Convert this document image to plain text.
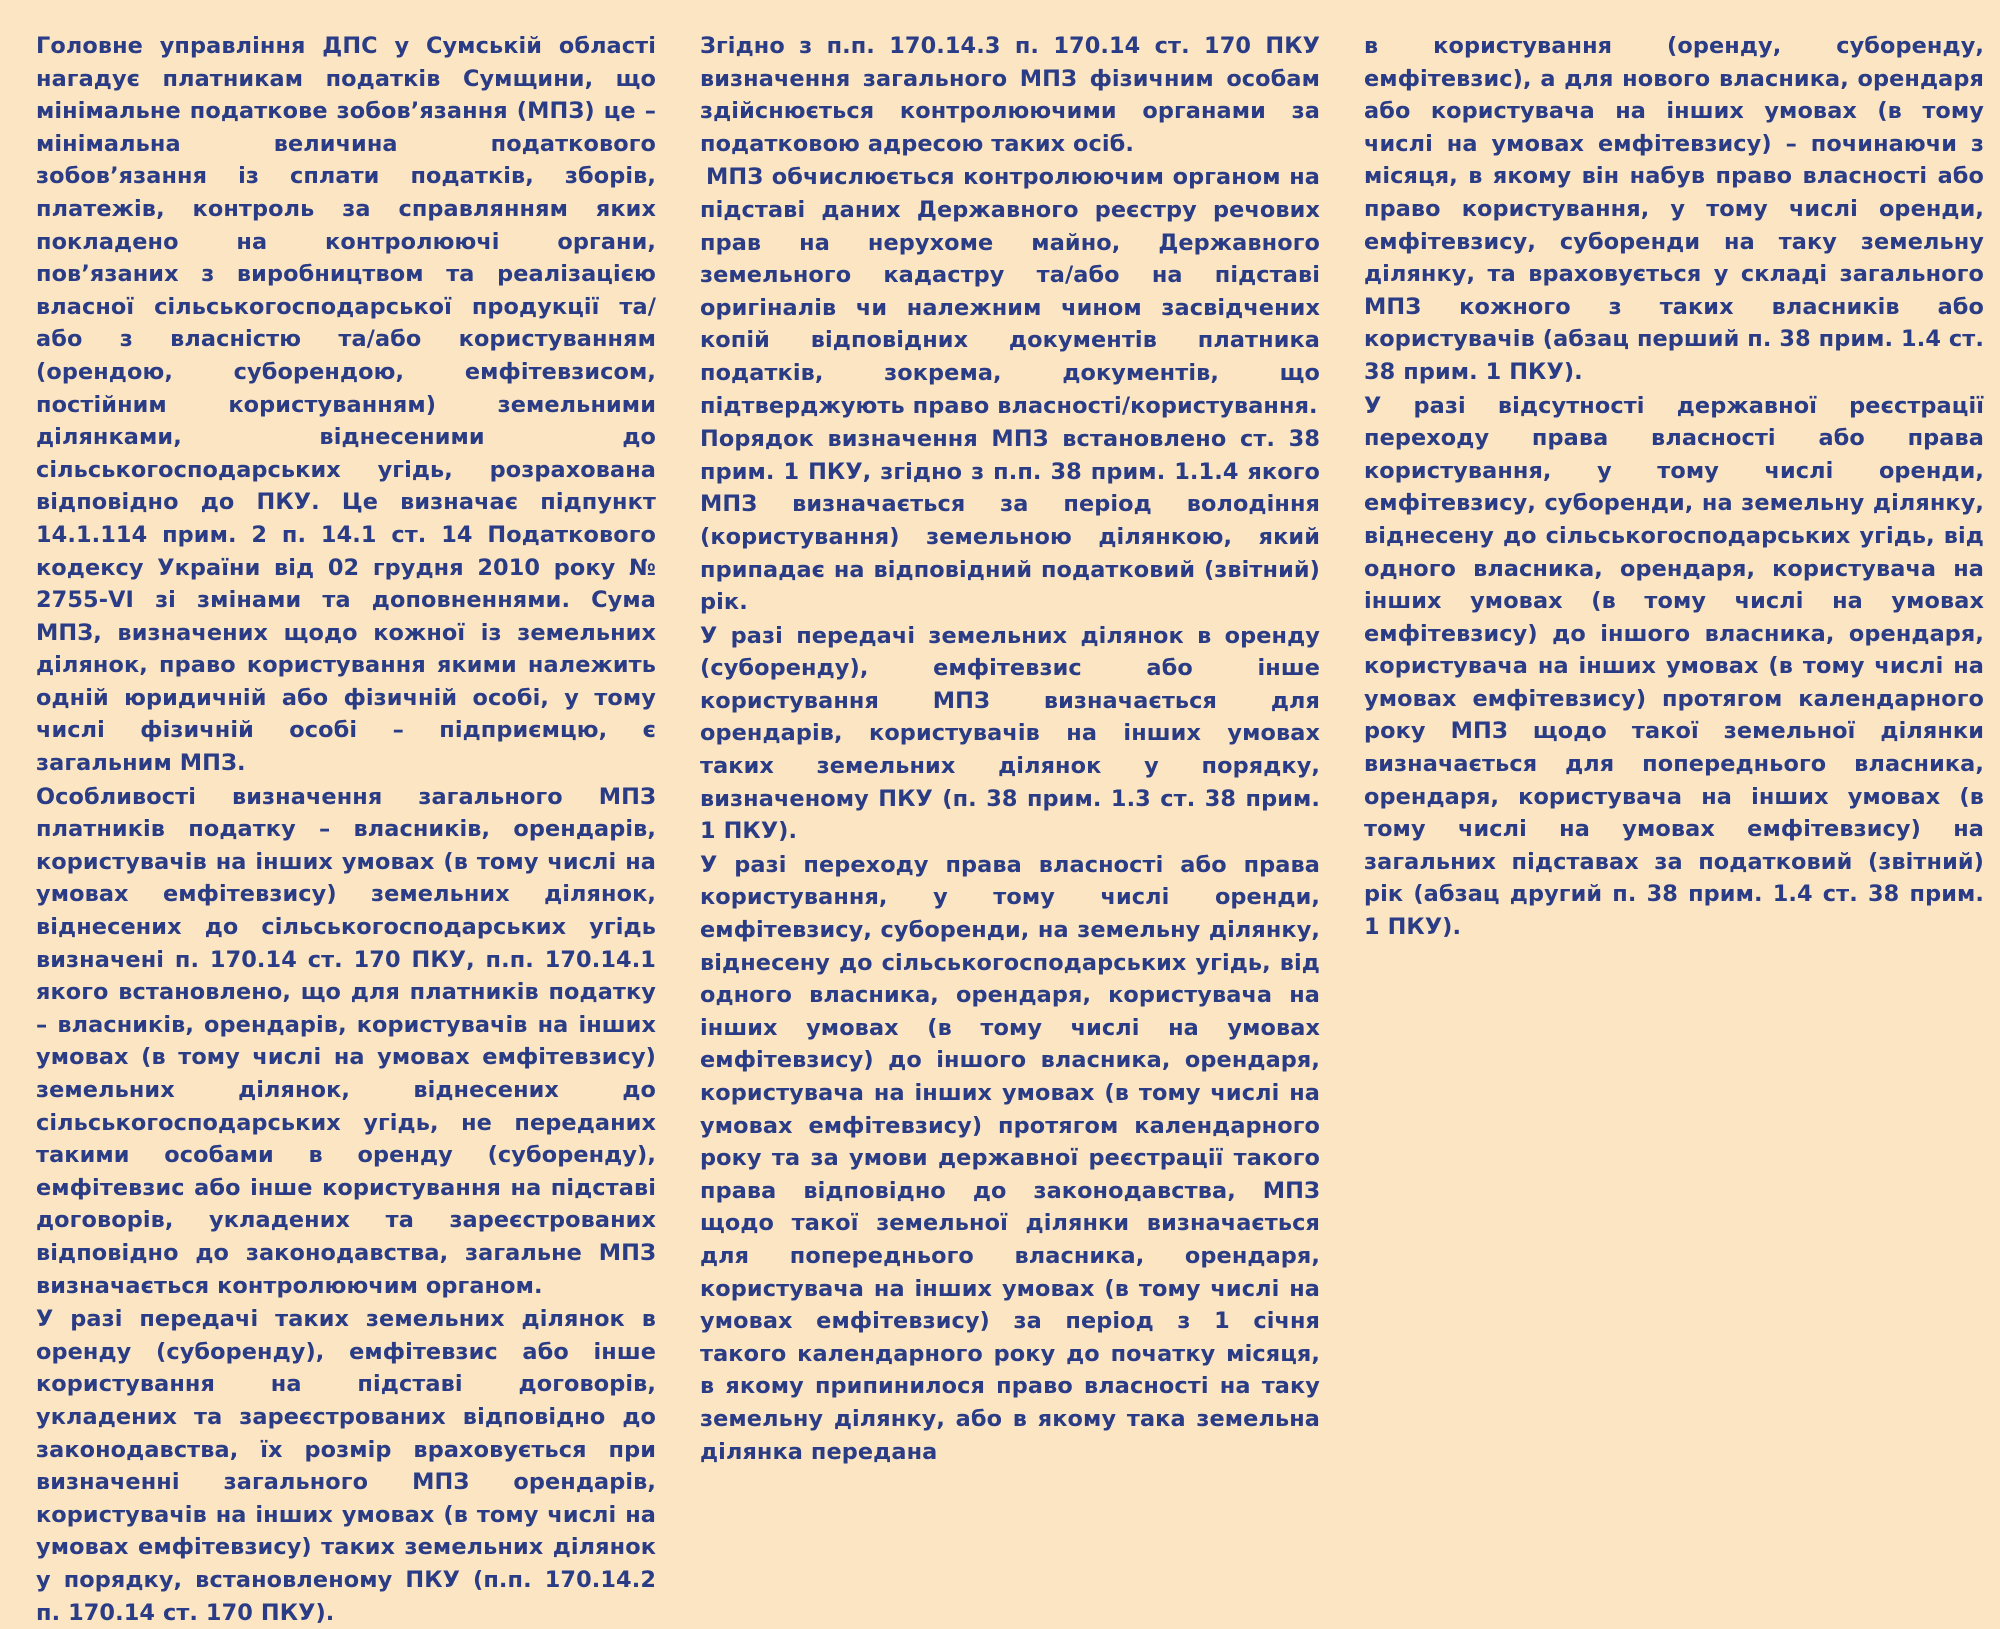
Головне управління ДПС у Сумській області нагадує платникам податків Сумщини, що мінімальне податкове зобов’язання (МПЗ) це – мінімальна величина податкового зобов’язання із сплати податків, зборів, платежів, контроль за справлянням яких покладено на контролюючі органи, пов’язаних з виробництвом та реалізацією власної сільськогосподарської продукції та/або з власністю та/або користуванням (орендою, суборендою, емфітевзисом, постійним користуванням) земельними ділянками, віднесеними до сільськогосподарських угідь, розрахована відповідно до ПКУ. Це визначає підпункт 14.1.114 прим. 2 п. 14.1 ст. 14 Податкового кодексу України від 02 грудня 2010 року № 2755-VI зі змінами та доповненнями. Сума МПЗ, визначених щодо кожної із земельних ділянок, право користування якими належить одній юридичній або фізичній особі, у тому числі фізичній особі – підприємцю, є загальним МПЗ.

Особливості визначення загального МПЗ платників податку – власників, орендарів, користувачів на інших умовах (в тому числі на умовах емфітевзису) земельних ділянок, віднесених до сільськогосподарських угідь визначені п. 170.14 ст. 170 ПКУ, п.п. 170.14.1 якого встановлено, що для платників податку – власників, орендарів, користувачів на інших умовах (в тому числі на умовах емфітевзису) земельних ділянок, віднесених до сільськогосподарських угідь, не переданих такими особами в оренду (суборенду), емфітевзис або інше користування на підставі договорів, укладених та зареєстрованих відповідно до законодавства, загальне МПЗ визначається контролюючим органом.

У разі передачі таких земельних ділянок в оренду (суборенду), емфітевзис або інше користування на підставі договорів, укладених та зареєстрованих відповідно до законодавства, їх розмір враховується при визначенні загального МПЗ орендарів, користувачів на інших умовах (в тому числі на умовах емфітевзису) таких земельних ділянок у порядку, встановленому ПКУ (п.п. 170.14.2 п. 170.14 ст. 170 ПКУ).

Згідно з п.п. 170.14.3 п. 170.14 ст. 170 ПКУ визначення загального МПЗ фізичним особам здійснюється контролюючими органами за податковою адресою таких осіб.

МПЗ обчислюється контролюючим органом на підставі даних Державного реєстру речових прав на нерухоме майно, Державного земельного кадастру та/або на підставі оригіналів чи належним чином засвідчених копій відповідних документів платника податків, зокрема, документів, що підтверджують право власності/користування.

Порядок визначення МПЗ встановлено ст. 38 прим. 1 ПКУ, згідно з п.п. 38 прим. 1.1.4 якого МПЗ визначається за період володіння (користування) земельною ділянкою, який припадає на відповідний податковий (звітний) рік.

У разі передачі земельних ділянок в оренду (суборенду), емфітевзис або інше користування МПЗ визначається для орендарів, користувачів на інших умовах таких земельних ділянок у порядку, визначеному ПКУ (п. 38 прим. 1.3 ст. 38 прим. 1 ПКУ).

У разі переходу права власності або права користування, у тому числі оренди, емфітевзису, суборенди, на земельну ділянку, віднесену до сільськогосподарських угідь, від одного власника, орендаря, користувача на інших умовах (в тому числі на умовах емфітевзису) до іншого власника, орендаря, користувача на інших умовах (в тому числі на умовах емфітевзису) протягом календарного року та за умови державної реєстрації такого права відповідно до законодавства, МПЗ щодо такої земельної ділянки визначається для попереднього власника, орендаря, користувача на інших умовах (в тому числі на умовах емфітевзису) за період з 1 січня такого календарного року до початку місяця, в якому припинилося право власності на таку земельну ділянку, або в якому така земельна ділянка передана

в користування (оренду, суборенду, емфітевзис), а для нового власника, орендаря або користувача на інших умовах (в тому числі на умовах емфітевзису) – починаючи з місяця, в якому він набув право власності або право користування, у тому числі оренди, емфітевзису, суборенди на таку земельну ділянку, та враховується у складі загального МПЗ кожного з таких власників або користувачів (абзац перший п. 38 прим. 1.4 ст. 38 прим. 1 ПКУ).

У разі відсутності державної реєстрації переходу права власності або права користування, у тому числі оренди, емфітевзису, суборенди, на земельну ділянку, віднесену до сільськогосподарських угідь, від одного власника, орендаря, користувача на інших умовах (в тому числі на умовах емфітевзису) до іншого власника, орендаря, користувача на інших умовах (в тому числі на умовах емфітевзису) протягом календарного року МПЗ щодо такої земельної ділянки визначається для попереднього власника, орендаря, користувача на інших умовах (в тому числі на умовах емфітевзису) на загальних підставах за податковий (звітний) рік (абзац другий п. 38 прим. 1.4 ст. 38 прим. 1 ПКУ).
